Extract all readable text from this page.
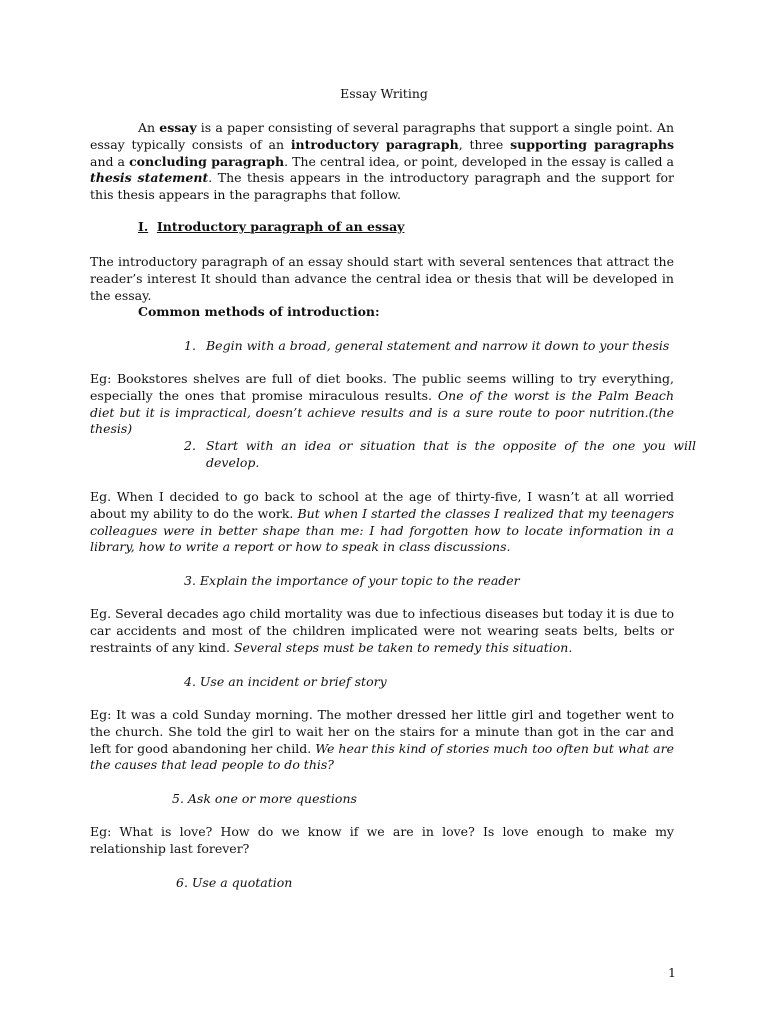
Essay Writing

An essay is a paper consisting of several paragraphs that support a single point. An essay typically consists of an introductory paragraph, three supporting paragraphs and a concluding paragraph. The central idea, or point, developed in the essay is called a thesis statement. The thesis appears in the introductory paragraph and the support for this thesis appears in the paragraphs that follow.

I. Introductory paragraph of an essay

The introductory paragraph of an essay should start with several sentences that attract the reader’s interest It should than advance the central idea or thesis that will be developed in the essay.

Common methods of introduction:

1. Begin with a broad, general statement and narrow it down to your thesis

Eg: Bookstores shelves are full of diet books. The public seems willing to try everything, especially the ones that promise miraculous results. One of the worst is the Palm Beach diet but it is impractical, doesn’t achieve results and is a sure route to poor nutrition.(the thesis)

2. Start with an idea or situation that is the opposite of the one you will develop.

Eg. When I decided to go back to school at the age of thirty-five, I wasn’t at all worried about my ability to do the work. But when I started the classes I realized that my teenagers colleagues were in better shape than me: I had forgotten how to locate information in a library, how to write a report or how to speak in class discussions.

3. Explain the importance of your topic to the reader

Eg. Several decades ago child mortality was due to infectious diseases but today it is due to car accidents and most of the children implicated were not wearing seats belts, belts or restraints of any kind. Several steps must be taken to remedy this situation.

4. Use an incident or brief story

Eg: It was a cold Sunday morning. The mother dressed her little girl and together went to the church. She told the girl to wait her on the stairs for a minute than got in the car and left for good abandoning her child. We hear this kind of stories much too often but what are the causes that lead people to do this?

5. Ask one or more questions

Eg: What is love? How do we know if we are in love? Is love enough to make my relationship last forever?

6. Use a quotation

1
